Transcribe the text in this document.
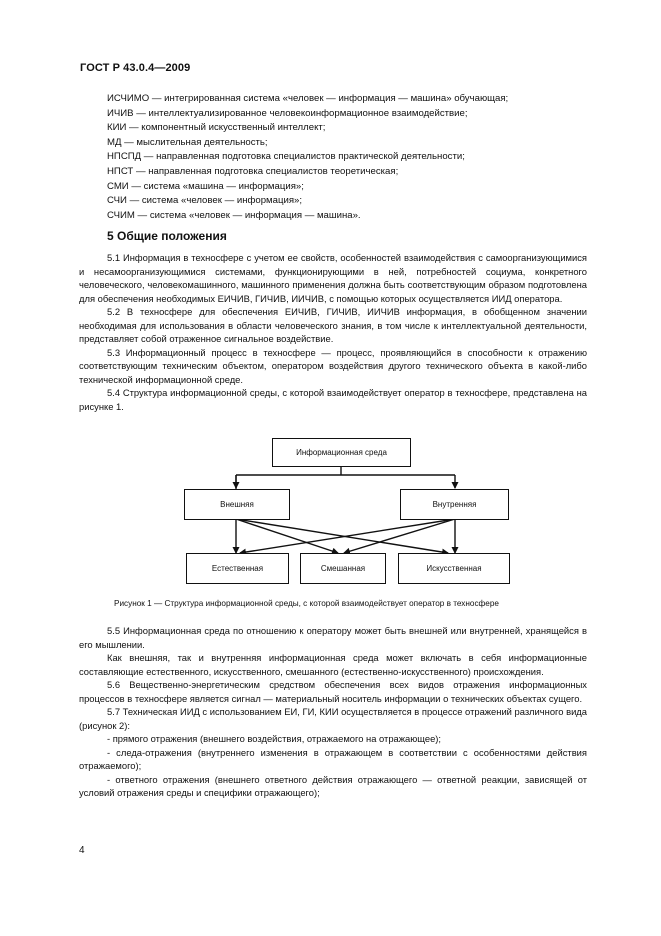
ГОСТ Р 43.0.4—2009
ИСЧИМО — интегрированная система «человек — информация — машина» обучающая;
ИЧИВ — интеллектуализированное человекоинформационное взаимодействие;
КИИ — компонентный искусственный интеллект;
МД — мыслительная деятельность;
НПСПД — направленная подготовка специалистов практической деятельности;
НПСТ — направленная подготовка специалистов теоретическая;
СМИ — система «машина — информация»;
СЧИ — система «человек — информация»;
СЧИМ — система «человек — информация — машина».
5 Общие положения

5.1 Информация в техносфере с учетом ее свойств, особенностей взаимодействия с самоорганизующимися и несамоорганизующимися системами, функционирующими в ней, потребностей социума, конкретного человеческого, человекомашинного, машинного применения должна быть соответствующим образом подготовлена для обеспечения необходимых ЕИЧИВ, ГИЧИВ, ИИЧИВ, с помощью которых осуществляется ИИД оператора.

5.2 В техносфере для обеспечения ЕИЧИВ, ГИЧИВ, ИИЧИВ информация, в обобщенном значении необходимая для использования в области человеческого знания, в том числе к интеллектуальной деятельности, представляет собой отраженное сигнальное воздействие.

5.3 Информационный процесс в техносфере — процесс, проявляющийся в способности к отражению соответствующим техническим объектом, оператором воздействия другого технического объекта в какой-либо технической информационной среде.

5.4 Структура информационной среды, с которой взаимодействует оператор в техносфере, представлена на рисунке 1.

Информационная среда
Внешняя	Внутренняя
Естественная	Смешанная	Искусственная
Рисунок 1 — Структура информационной среды, с которой взаимодействует оператор в техносфере

5.5 Информационная среда по отношению к оператору может быть внешней или внутренней, хранящейся в его мышлении.

Как внешняя, так и внутренняя информационная среда может включать в себя информационные составляющие естественного, искусственного, смешанного (естественно-искусственного) происхождения.

5.6 Вещественно-энергетическим средством обеспечения всех видов отражения информационных процессов в техносфере является сигнал — материальный носитель информации о технических объектах сущего.

5.7 Техническая ИИД с использованием ЕИ, ГИ, КИИ осуществляется в процессе отражений различного вида (рисунок 2):

- прямого отражения (внешнего воздействия, отражаемого на отражающее);

- следа-отражения (внутреннего изменения в отражающем в соответствии с особенностями действия отражаемого);

- ответного отражения (внешнего ответного действия отражающего — ответной реакции, зависящей от условий отражения среды и специфики отражающего);

4
